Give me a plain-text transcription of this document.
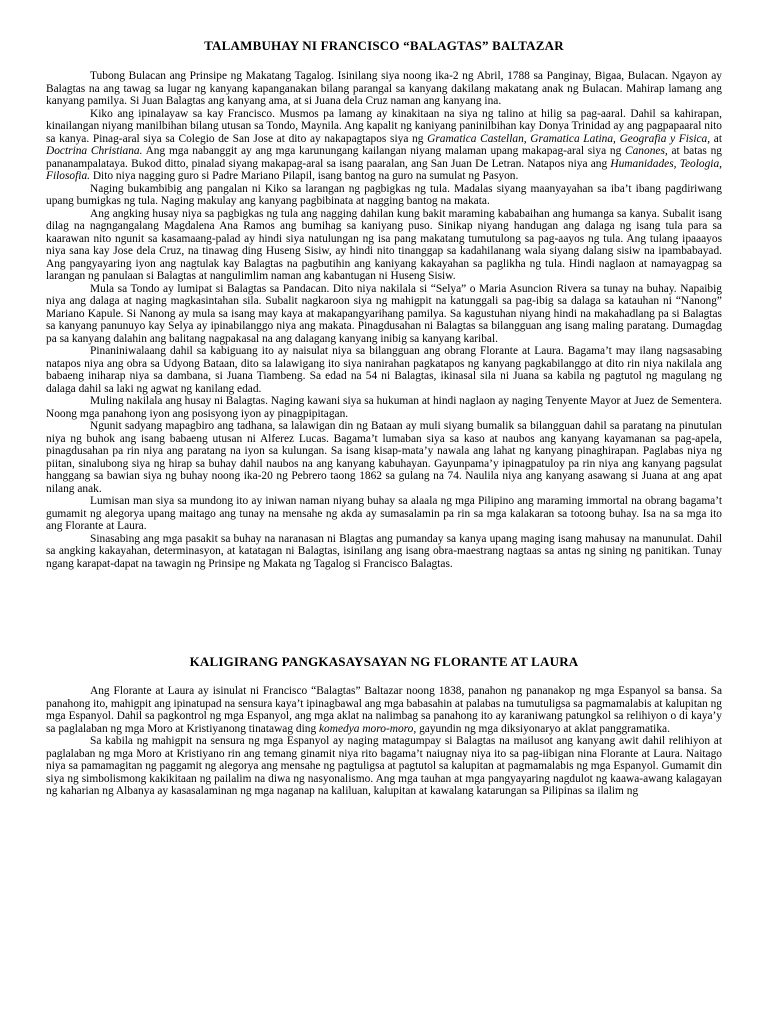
TALAMBUHAY NI FRANCISCO “BALAGTAS” BALTAZAR

Tubong Bulacan ang Prinsipe ng Makatang Tagalog. Isinilang siya noong ika-2 ng Abril, 1788 sa Panginay, Bigaa, Bulacan. Ngayon ay Balagtas na ang tawag sa lugar ng kanyang kapanganakan bilang parangal sa kanyang dakilang makatang anak ng Bulacan. Mahirap lamang ang kanyang pamilya. Si Juan Balagtas ang kanyang ama, at si Juana dela Cruz naman ang kanyang ina.

Kiko ang ipinalayaw sa kay Francisco. Musmos pa lamang ay kinakitaan na siya ng talino at hilig sa pag-aaral. Dahil sa kahirapan, kinailangan niyang manilbihan bilang utusan sa Tondo, Maynila. Ang kapalit ng kaniyang paninilbihan kay Donya Trinidad ay ang pagpapaaral nito sa kanya. Pinag-aral siya sa Colegio de San Jose at dito ay nakapagtapos siya ng Gramatica Castellan, Gramatica Latina, Geografia y Fisica, at Doctrina Christiana. Ang mga nabanggit ay ang mga karunungang kailangan niyang malaman upang makapag-aral siya ng Canones, at batas ng pananampalataya. Bukod ditto, pinalad siyang makapag-aral sa isang paaralan, ang San Juan De Letran. Natapos niya ang Humanidades, Teologia, Filosofia. Dito niya nagging guro si Padre Mariano Pilapil, isang bantog na guro na sumulat ng Pasyon.

Naging bukambibig ang pangalan ni Kiko sa larangan ng pagbigkas ng tula. Madalas siyang maanyayahan sa iba’t ibang pagdiriwang upang bumigkas ng tula. Naging makulay ang kanyang pagbibinata at nagging bantog na makata.

Ang angking husay niya sa pagbigkas ng tula ang nagging dahilan kung bakit maraming kababaihan ang humanga sa kanya. Subalit isang dilag na nagngangalang Magdalena Ana Ramos ang bumihag sa kaniyang puso. Sinikap niyang handugan ang dalaga ng isang tula para sa kaarawan nito ngunit sa kasamaang-palad ay hindi siya natulungan ng isa pang makatang tumutulong sa pag-aayos ng tula. Ang tulang ipaaayos niya sana kay Jose dela Cruz, na tinawag ding Huseng Sisiw, ay hindi nito tinanggap sa kadahilanang wala siyang dalang sisiw na ipambabayad. Ang pangyayaring iyon ang nagtulak kay Balagtas na pagbutihin ang kaniyang kakayahan sa paglikha ng tula. Hindi naglaon at namayagpag sa larangan ng panulaan si Balagtas at nangulimlim naman ang kabantugan ni Huseng Sisiw.

Mula sa Tondo ay lumipat si Balagtas sa Pandacan. Dito niya nakilala si “Selya” o Maria Asuncion Rivera sa tunay na buhay. Napaibig niya ang dalaga at naging magkasintahan sila. Subalit nagkaroon siya ng mahigpit na katunggali sa pag-ibig sa dalaga sa katauhan ni “Nanong” Mariano Kapule. Si Nanong ay mula sa isang may kaya at makapangyarihang pamilya. Sa kagustuhan niyang hindi na makahadlang pa si Balagtas sa kanyang panunuyo kay Selya ay ipinabilanggo niya ang makata. Pinagdusahan ni Balagtas sa bilangguan ang isang maling paratang. Dumagdag pa sa kanyang dalahin ang balitang nagpakasal na ang dalagang kanyang inibig sa kanyang karibal.

Pinaniniwalaang dahil sa kabiguang ito ay naisulat niya sa bilangguan ang obrang Florante at Laura. Bagama’t may ilang nagsasabing natapos niya ang obra sa Udyong Bataan, dito sa lalawigang ito siya nanirahan pagkatapos ng kanyang pagkabilanggo at dito rin niya nakilala ang babaeng iniharap niya sa dambana, si Juana Tiambeng. Sa edad na 54 ni Balagtas, ikinasal sila ni Juana sa kabila ng pagtutol ng magulang ng dalaga dahil sa laki ng agwat ng kanilang edad.

Muling nakilala ang husay ni Balagtas. Naging kawani siya sa hukuman at hindi naglaon ay naging Tenyente Mayor at Juez de Sementera. Noong mga panahong iyon ang posisyong iyon ay pinagpipitagan.

Ngunit sadyang mapagbiro ang tadhana, sa lalawigan din ng Bataan ay muli siyang bumalik sa bilangguan dahil sa paratang na pinutulan niya ng buhok ang isang babaeng utusan ni Alferez Lucas. Bagama’t lumaban siya sa kaso at naubos ang kanyang kayamanan sa pag-apela, pinagdusahan pa rin niya ang paratang na iyon sa kulungan. Sa isang kisap-mata’y nawala ang lahat ng kanyang pinaghirapan. Paglabas niya ng piitan, sinalubong siya ng hirap sa buhay dahil naubos na ang kanyang kabuhayan. Gayunpama’y ipinagpatuloy pa rin niya ang kanyang pagsulat hanggang sa bawian siya ng buhay noong ika-20 ng Pebrero taong 1862 sa gulang na 74. Naulila niya ang kanyang asawang si Juana at ang apat nilang anak.

Lumisan man siya sa mundong ito ay iniwan naman niyang buhay sa alaala ng mga Pilipino ang maraming immortal na obrang bagama’t gumamit ng alegorya upang maitago ang tunay na mensahe ng akda ay sumasalamin pa rin sa mga kalakaran sa totoong buhay. Isa na sa mga ito ang Florante at Laura.

Sinasabing ang mga pasakit sa buhay na naranasan ni Blagtas ang pumanday sa kanya upang maging isang mahusay na manunulat. Dahil sa angking kakayahan, determinasyon, at katatagan ni Balagtas, isinilang ang isang obra-maestrang nagtaas sa antas ng sining ng panitikan. Tunay ngang karapat-dapat na tawagin ng Prinsipe ng Makata ng Tagalog si Francisco Balagtas.

KALIGIRANG PANGKASAYSAYAN NG FLORANTE AT LAURA

Ang Florante at Laura ay isinulat ni Francisco “Balagtas” Baltazar noong 1838, panahon ng pananakop ng mga Espanyol sa bansa. Sa panahong ito, mahigpit ang ipinatupad na sensura kaya’t ipinagbawal ang mga babasahin at palabas na tumutuligsa sa pagmamalabis at kalupitan ng mga Espanyol. Dahil sa pagkontrol ng mga Espanyol, ang mga aklat na nalimbag sa panahong ito ay karaniwang patungkol sa relihiyon o di kaya’y sa paglalaban ng mga Moro at Kristiyanong tinatawag ding komedya moro-moro, gayundin ng mga diksiyonaryo at aklat panggramatika.

Sa kabila ng mahigpit na sensura ng mga Espanyol ay naging matagumpay si Balagtas na mailusot ang kanyang awit dahil relihiyon at paglalaban ng mga Moro at Kristiyano rin ang temang ginamit niya rito bagama’t naiugnay niya ito sa pag-iibigan nina Florante at Laura. Naitago niya sa pamamagitan ng paggamit ng alegorya ang mensahe ng pagtuligsa at pagtutol sa kalupitan at pagmamalabis ng mga Espanyol. Gumamit din siya ng simbolismong kakikitaan ng pailalim na diwa ng nasyonalismo. Ang mga tauhan at mga pangyayaring nagdulot ng kaawa-awang kalagayan ng kaharian ng Albanya ay kasasalaminan ng mga naganap na kaliluan, kalupitan at kawalang katarungan sa Pilipinas sa ilalim ng
